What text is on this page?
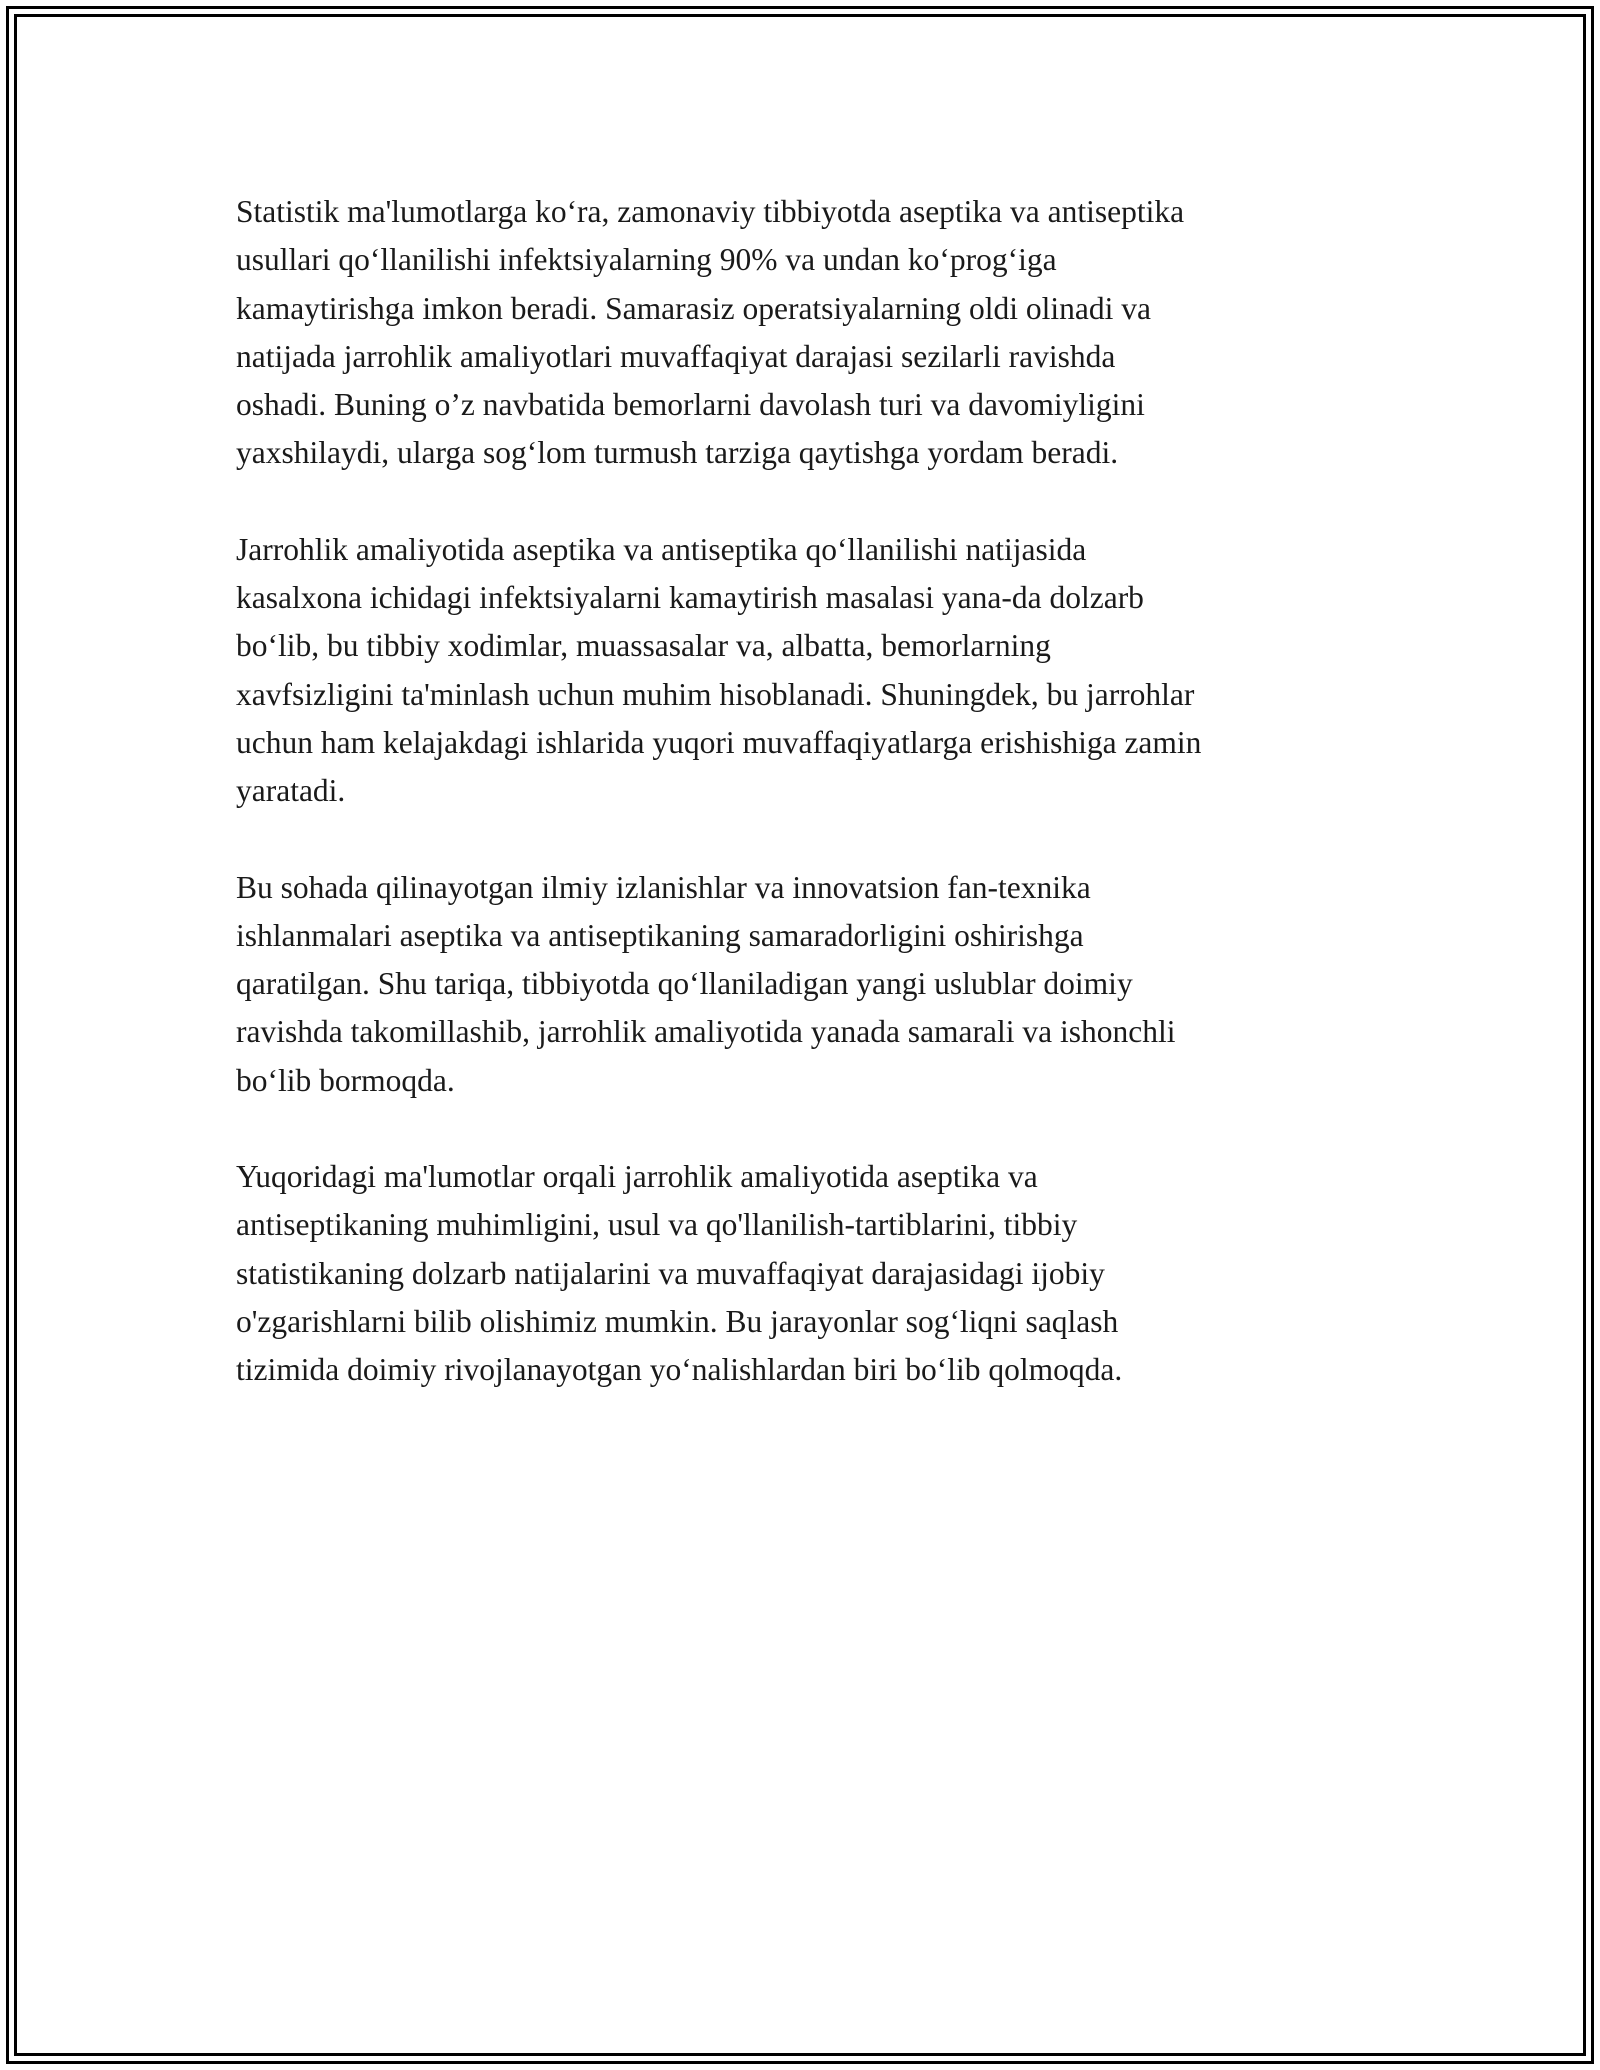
Statistik ma'lumotlarga ko‘ra, zamonaviy tibbiyotda aseptika va antiseptika
usullari qo‘llanilishi infektsiyalarning 90% va undan ko‘prog‘iga
kamaytirishga imkon beradi. Samarasiz operatsiyalarning oldi olinadi va
natijada jarrohlik amaliyotlari muvaffaqiyat darajasi sezilarli ravishda
oshadi. Buning o’z navbatida bemorlarni davolash turi va davomiyligini
yaxshilaydi, ularga sog‘lom turmush tarziga qaytishga yordam beradi.

Jarrohlik amaliyotida aseptika va antiseptika qo‘llanilishi natijasida
kasalxona ichidagi infektsiyalarni kamaytirish masalasi yana-da dolzarb
bo‘lib, bu tibbiy xodimlar, muassasalar va, albatta, bemorlarning
xavfsizligini ta'minlash uchun muhim hisoblanadi. Shuningdek, bu jarrohlar
uchun ham kelajakdagi ishlarida yuqori muvaffaqiyatlarga erishishiga zamin
yaratadi.

Bu sohada qilinayotgan ilmiy izlanishlar va innovatsion fan-texnika
ishlanmalari aseptika va antiseptikaning samaradorligini oshirishga
qaratilgan. Shu tariqa, tibbiyotda qo‘llaniladigan yangi uslublar doimiy
ravishda takomillashib, jarrohlik amaliyotida yanada samarali va ishonchli
bo‘lib bormoqda.

Yuqoridagi ma'lumotlar orqali jarrohlik amaliyotida aseptika va
antiseptikaning muhimligini, usul va qo'llanilish-tartiblarini, tibbiy
statistikaning dolzarb natijalarini va muvaffaqiyat darajasidagi ijobiy
o'zgarishlarni bilib olishimiz mumkin. Bu jarayonlar sog‘liqni saqlash
tizimida doimiy rivojlanayotgan yo‘nalishlardan biri bo‘lib qolmoqda.
